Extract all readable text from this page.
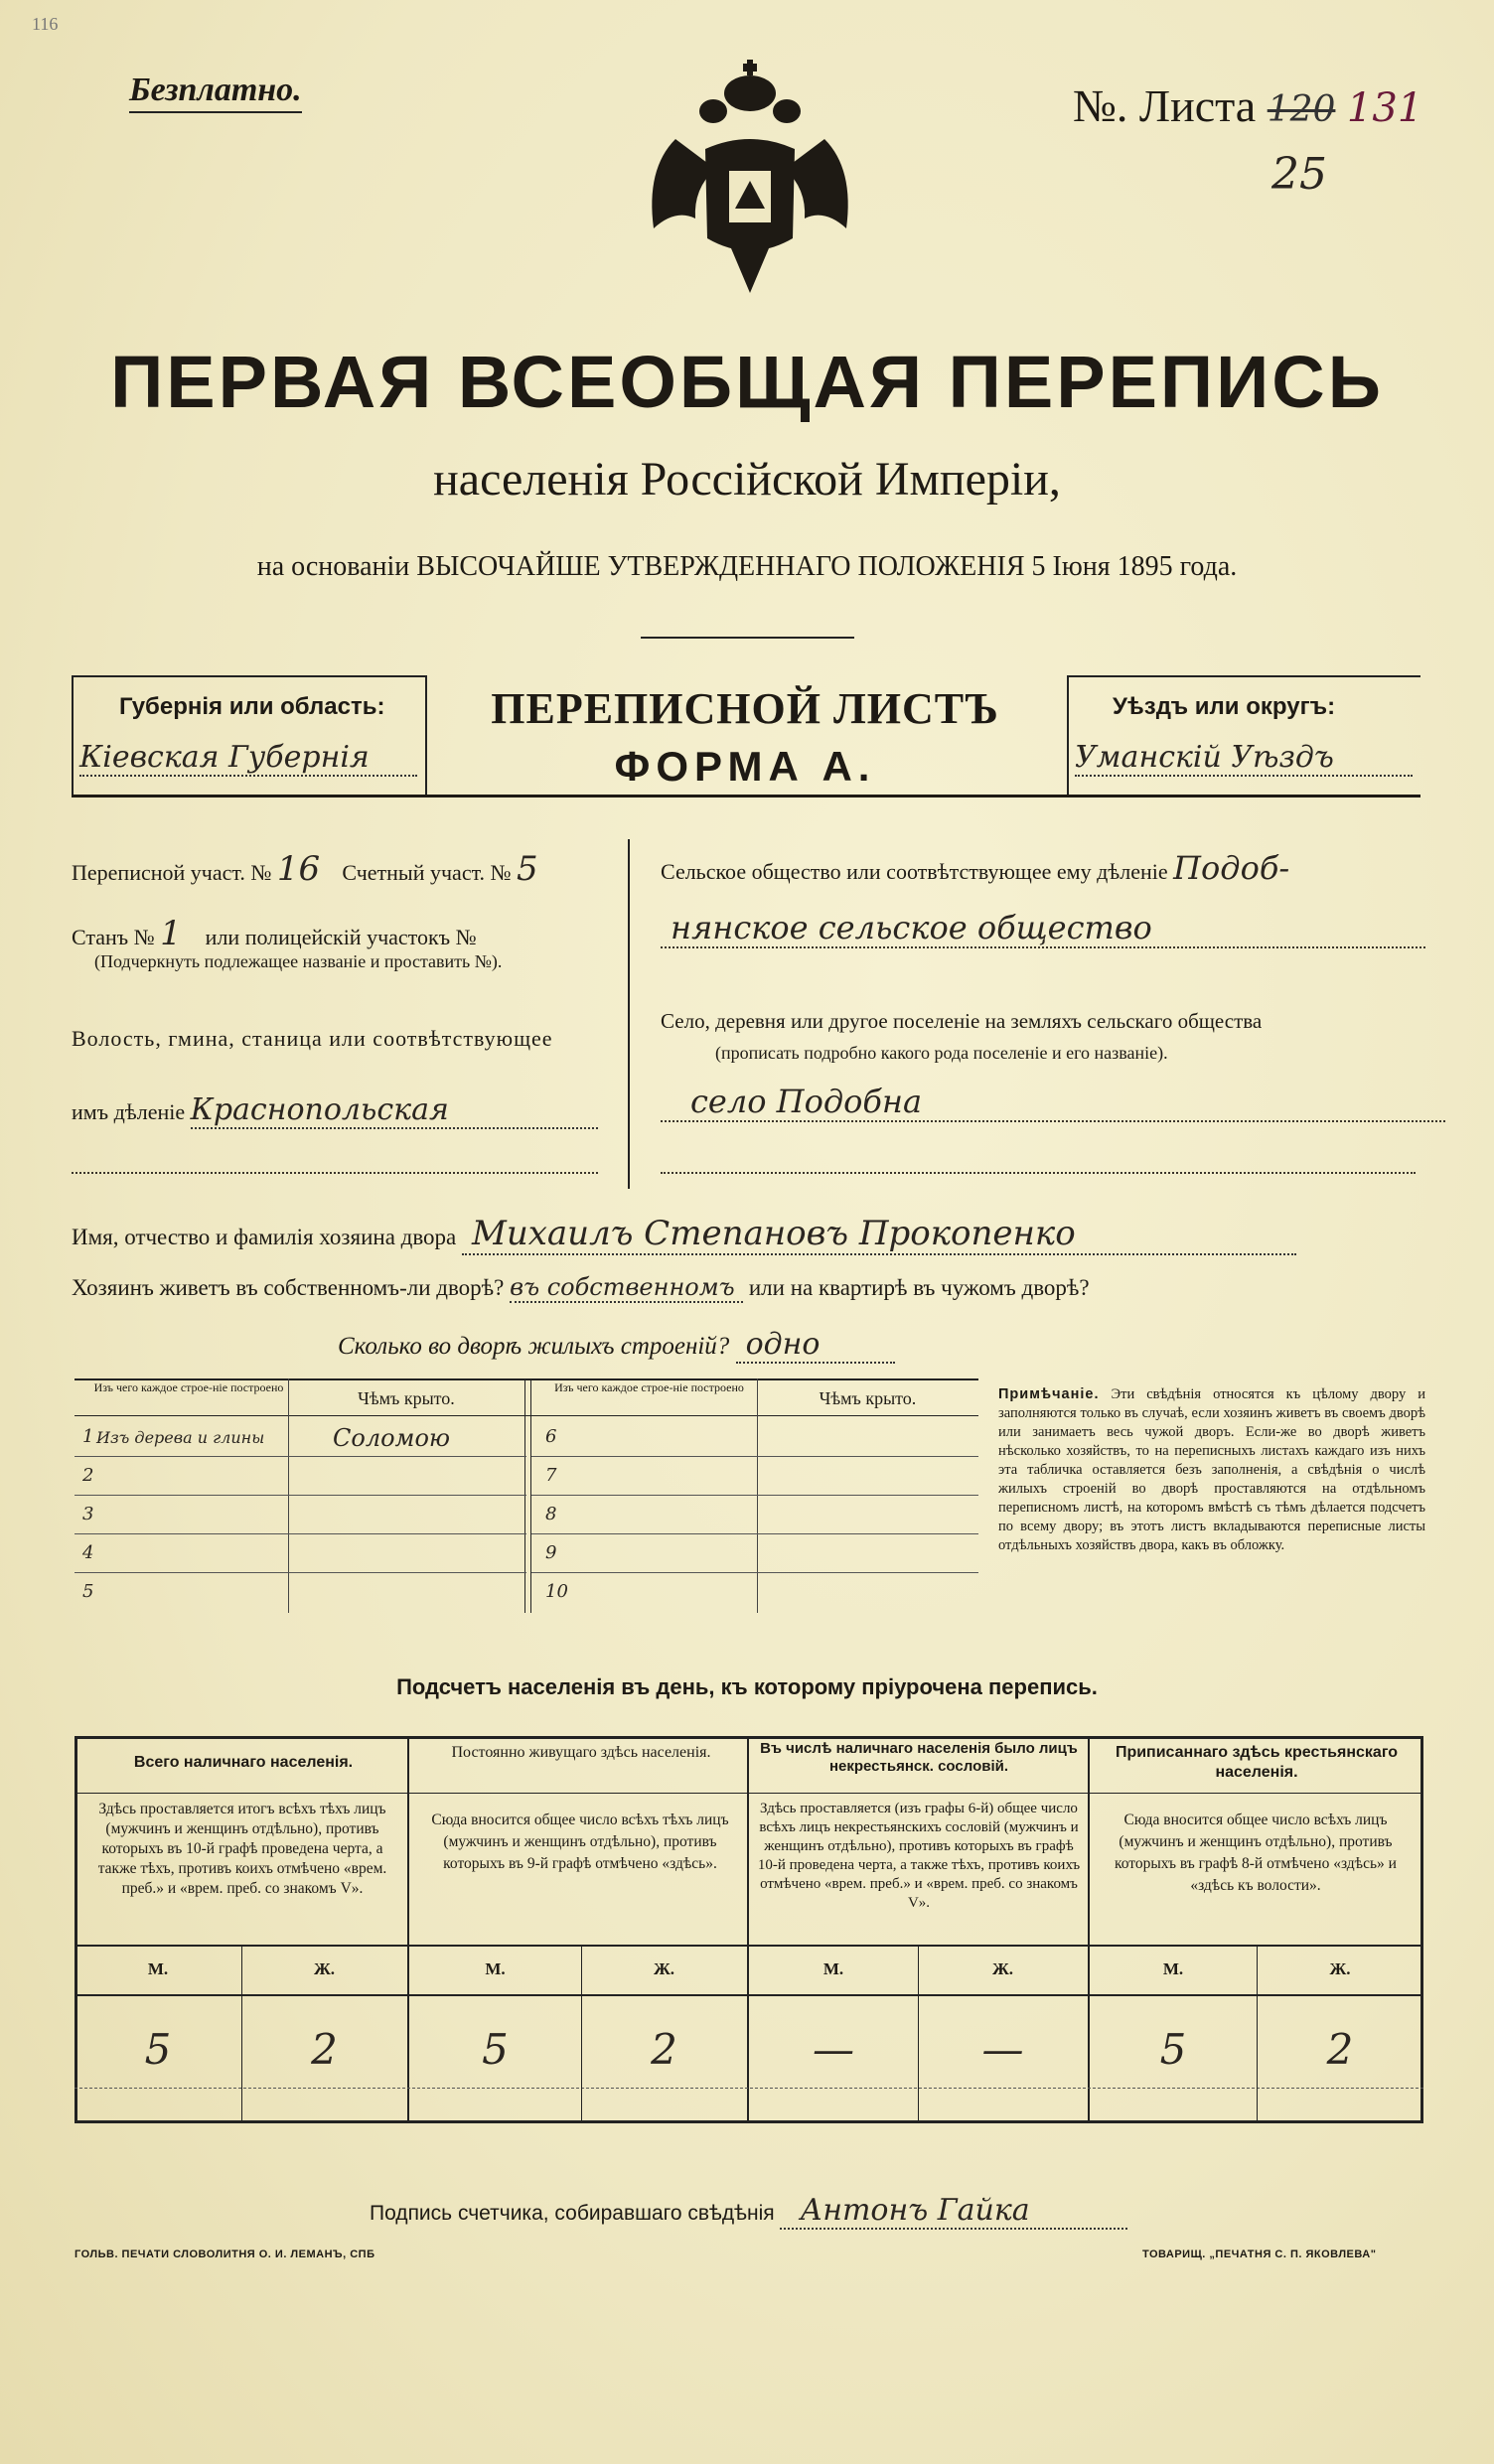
Безплатно.
116
№. Листа 120 131
25
ПЕРВАЯ ВСЕОБЩАЯ ПЕРЕПИСЬ
населенія Россійской Имперіи,
на основаніи ВЫСОЧАЙШЕ УТВЕРЖДЕННАГО ПОЛОЖЕНІЯ 5 Іюня 1895 года.
Губернія или область:
Кіевская Губернія
ПЕРЕПИСНОЙ ЛИСТЪ
ФОРМА А.
Уѣздъ или округъ:
Уманскій Уѣздъ
Переписной участ. № 16 Счетный участ. № 5
Станъ № 1 или полицейскій участокъ №
(Подчеркнуть подлежащее названіе и проставить №).
Волость, гмина, станица или соотвѣтствующее
имъ дѣленіе Краснопольская
Сельское общество или соотвѣтствующее ему дѣленіе Подоб-
нянское сельское общество
Село, деревня или другое поселеніе на земляхъ сельскаго общества
(прописать подробно какого рода поселеніе и его названіе).
село Подобна
Имя, отчество и фамилія хозяина двора Михаилъ Степановъ Прокопенко
Хозяинъ живетъ въ собственномъ-ли дворѣ? въ собственномъ или на квартирѣ въ чужомъ дворѣ?
Сколько во дворѣ жилыхъ строеній? одно
Изъ чего каждое строе-ніе построено
Чѣмъ крыто.
Изъ чего каждое строе-ніе построено
Чѣмъ крыто.
1 Изъ дерева и глины	Соломою
2
3
4
5
6
7
8
9
10
Примѣчаніе. Эти свѣдѣнія относятся къ цѣлому двору и заполняются только въ случаѣ, если хозяинъ живетъ въ своемъ дворѣ или занимаетъ весь чужой дворъ. Если-же во дворѣ живетъ нѣсколько хозяйствъ, то на переписныхъ листахъ каждаго изъ нихъ эта табличка оставляется безъ заполненія, а свѣдѣнія о числѣ жилыхъ строеній во дворѣ проставляются на отдѣльномъ переписномъ листѣ, на которомъ вмѣстѣ съ тѣмъ дѣлается подсчетъ по всему двору; въ этотъ листъ вкладываются переписные листы отдѣльныхъ хозяйствъ двора, какъ въ обложку.
Подсчетъ населенія въ день, къ которому пріурочена перепись.
Всего наличнаго населенія.
Здѣсь проставляется итогъ всѣхъ тѣхъ лицъ (мужчинъ и женщинъ отдѣльно), противъ которыхъ въ 10-й графѣ проведена черта, а также тѣхъ, противъ коихъ отмѣчено «врем. преб.» и «врем. преб. со знакомъ V».
Постоянно живущаго здѣсь населенія.
Сюда вносится общее число всѣхъ тѣхъ лицъ (мужчинъ и женщинъ отдѣльно), противъ которыхъ въ 9-й графѣ отмѣчено «здѣсь».
Въ числѣ наличнаго населенія было лицъ некрестьянск. сословій.
Здѣсь проставляется (изъ графы 6-й) общее число всѣхъ лицъ некрестьянскихъ сословій (мужчинъ и женщинъ отдѣльно), противъ которыхъ въ графѣ 10-й проведена черта, а также тѣхъ, противъ коихъ отмѣчено «врем. преб.» и «врем. преб. со знакомъ V».
Приписаннаго здѣсь крестьянскаго населенія.
Сюда вносится общее число всѣхъ лицъ (мужчинъ и женщинъ отдѣльно), противъ которыхъ въ графѣ 8-й отмѣчено «здѣсь» и «здѣсь къ волости».
М.	Ж.	М.	Ж.	М.	Ж.	М.	Ж.
5	2	5	2	—	—	5	2
Подпись счетчика, собиравшаго свѣдѣнія Антонъ Гайка
ГОЛЬВ. ПЕЧАТИ СЛОВОЛИТНЯ О. И. ЛЕМАНЪ, СПБ	ТОВАРИЩ. „ПЕЧАТНЯ С. П. ЯКОВЛЕВА"
